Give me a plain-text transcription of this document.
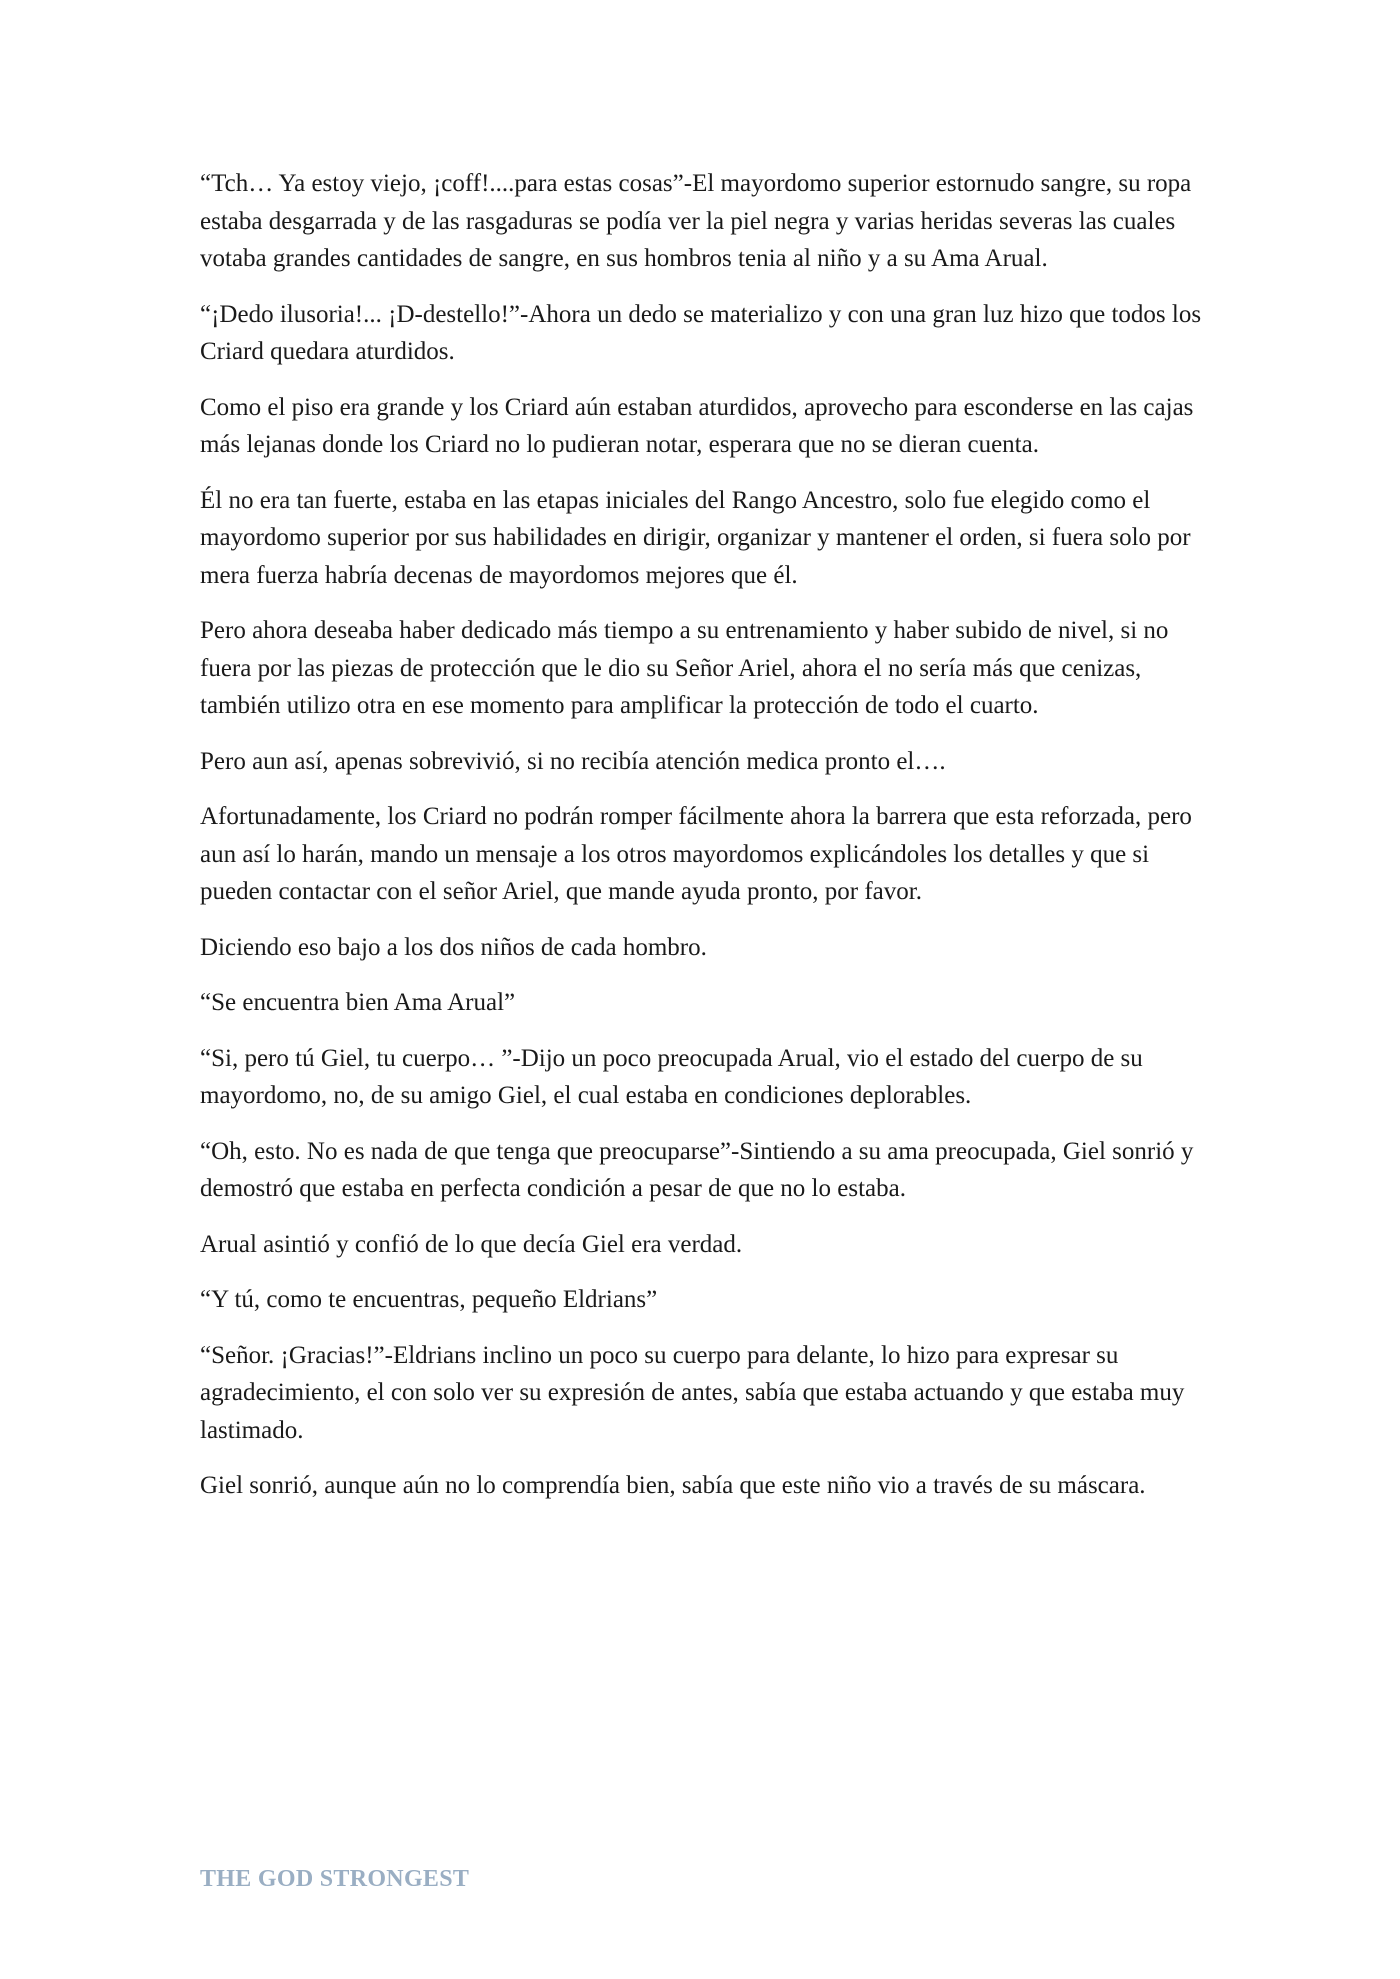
“Tch… Ya estoy viejo, ¡coff!....para estas cosas”-El mayordomo superior estornudo sangre, su ropa estaba desgarrada y de las rasgaduras se podía ver la piel negra y varias heridas severas las cuales votaba grandes cantidades de sangre, en sus hombros tenia al niño y a su Ama Arual.

“¡Dedo ilusoria!... ¡D-destello!”-Ahora un dedo se materializo y con una gran luz hizo que todos los Criard quedara aturdidos.

Como el piso era grande y los Criard aún estaban aturdidos, aprovecho para esconderse en las cajas más lejanas donde los Criard no lo pudieran notar, esperara que no se dieran cuenta.

Él no era tan fuerte, estaba en las etapas iniciales del Rango Ancestro, solo fue elegido como el mayordomo superior por sus habilidades en dirigir, organizar y mantener el orden, si fuera solo por mera fuerza habría decenas de mayordomos mejores que él.

Pero ahora deseaba haber dedicado más tiempo a su entrenamiento y haber subido de nivel, si no fuera por las piezas de protección que le dio su Señor Ariel, ahora el no sería más que cenizas, también utilizo otra en ese momento para amplificar la protección de todo el cuarto.

Pero aun así, apenas sobrevivió, si no recibía atención medica pronto el….

Afortunadamente, los Criard no podrán romper fácilmente ahora la barrera que esta reforzada, pero aun así lo harán, mando un mensaje a los otros mayordomos explicándoles los detalles y que si pueden contactar con el señor Ariel, que mande ayuda pronto, por favor.

Diciendo eso bajo a los dos niños de cada hombro.

“Se encuentra bien Ama Arual”

“Si, pero tú Giel, tu cuerpo… ”-Dijo un poco preocupada Arual, vio el estado del cuerpo de su mayordomo, no, de su amigo Giel, el cual estaba en condiciones deplorables.

“Oh, esto. No es nada de que tenga que preocuparse”-Sintiendo a su ama preocupada, Giel sonrió y demostró que estaba en perfecta condición a pesar de que no lo estaba.

Arual asintió y confió de lo que decía Giel era verdad.

“Y tú, como te encuentras, pequeño Eldrians”

“Señor. ¡Gracias!”-Eldrians inclino un poco su cuerpo para delante, lo hizo para expresar su agradecimiento, el con solo ver su expresión de antes, sabía que estaba actuando y que estaba muy lastimado.

Giel sonrió, aunque aún no lo comprendía bien, sabía que este niño vio a través de su máscara.

THE GOD STRONGEST
